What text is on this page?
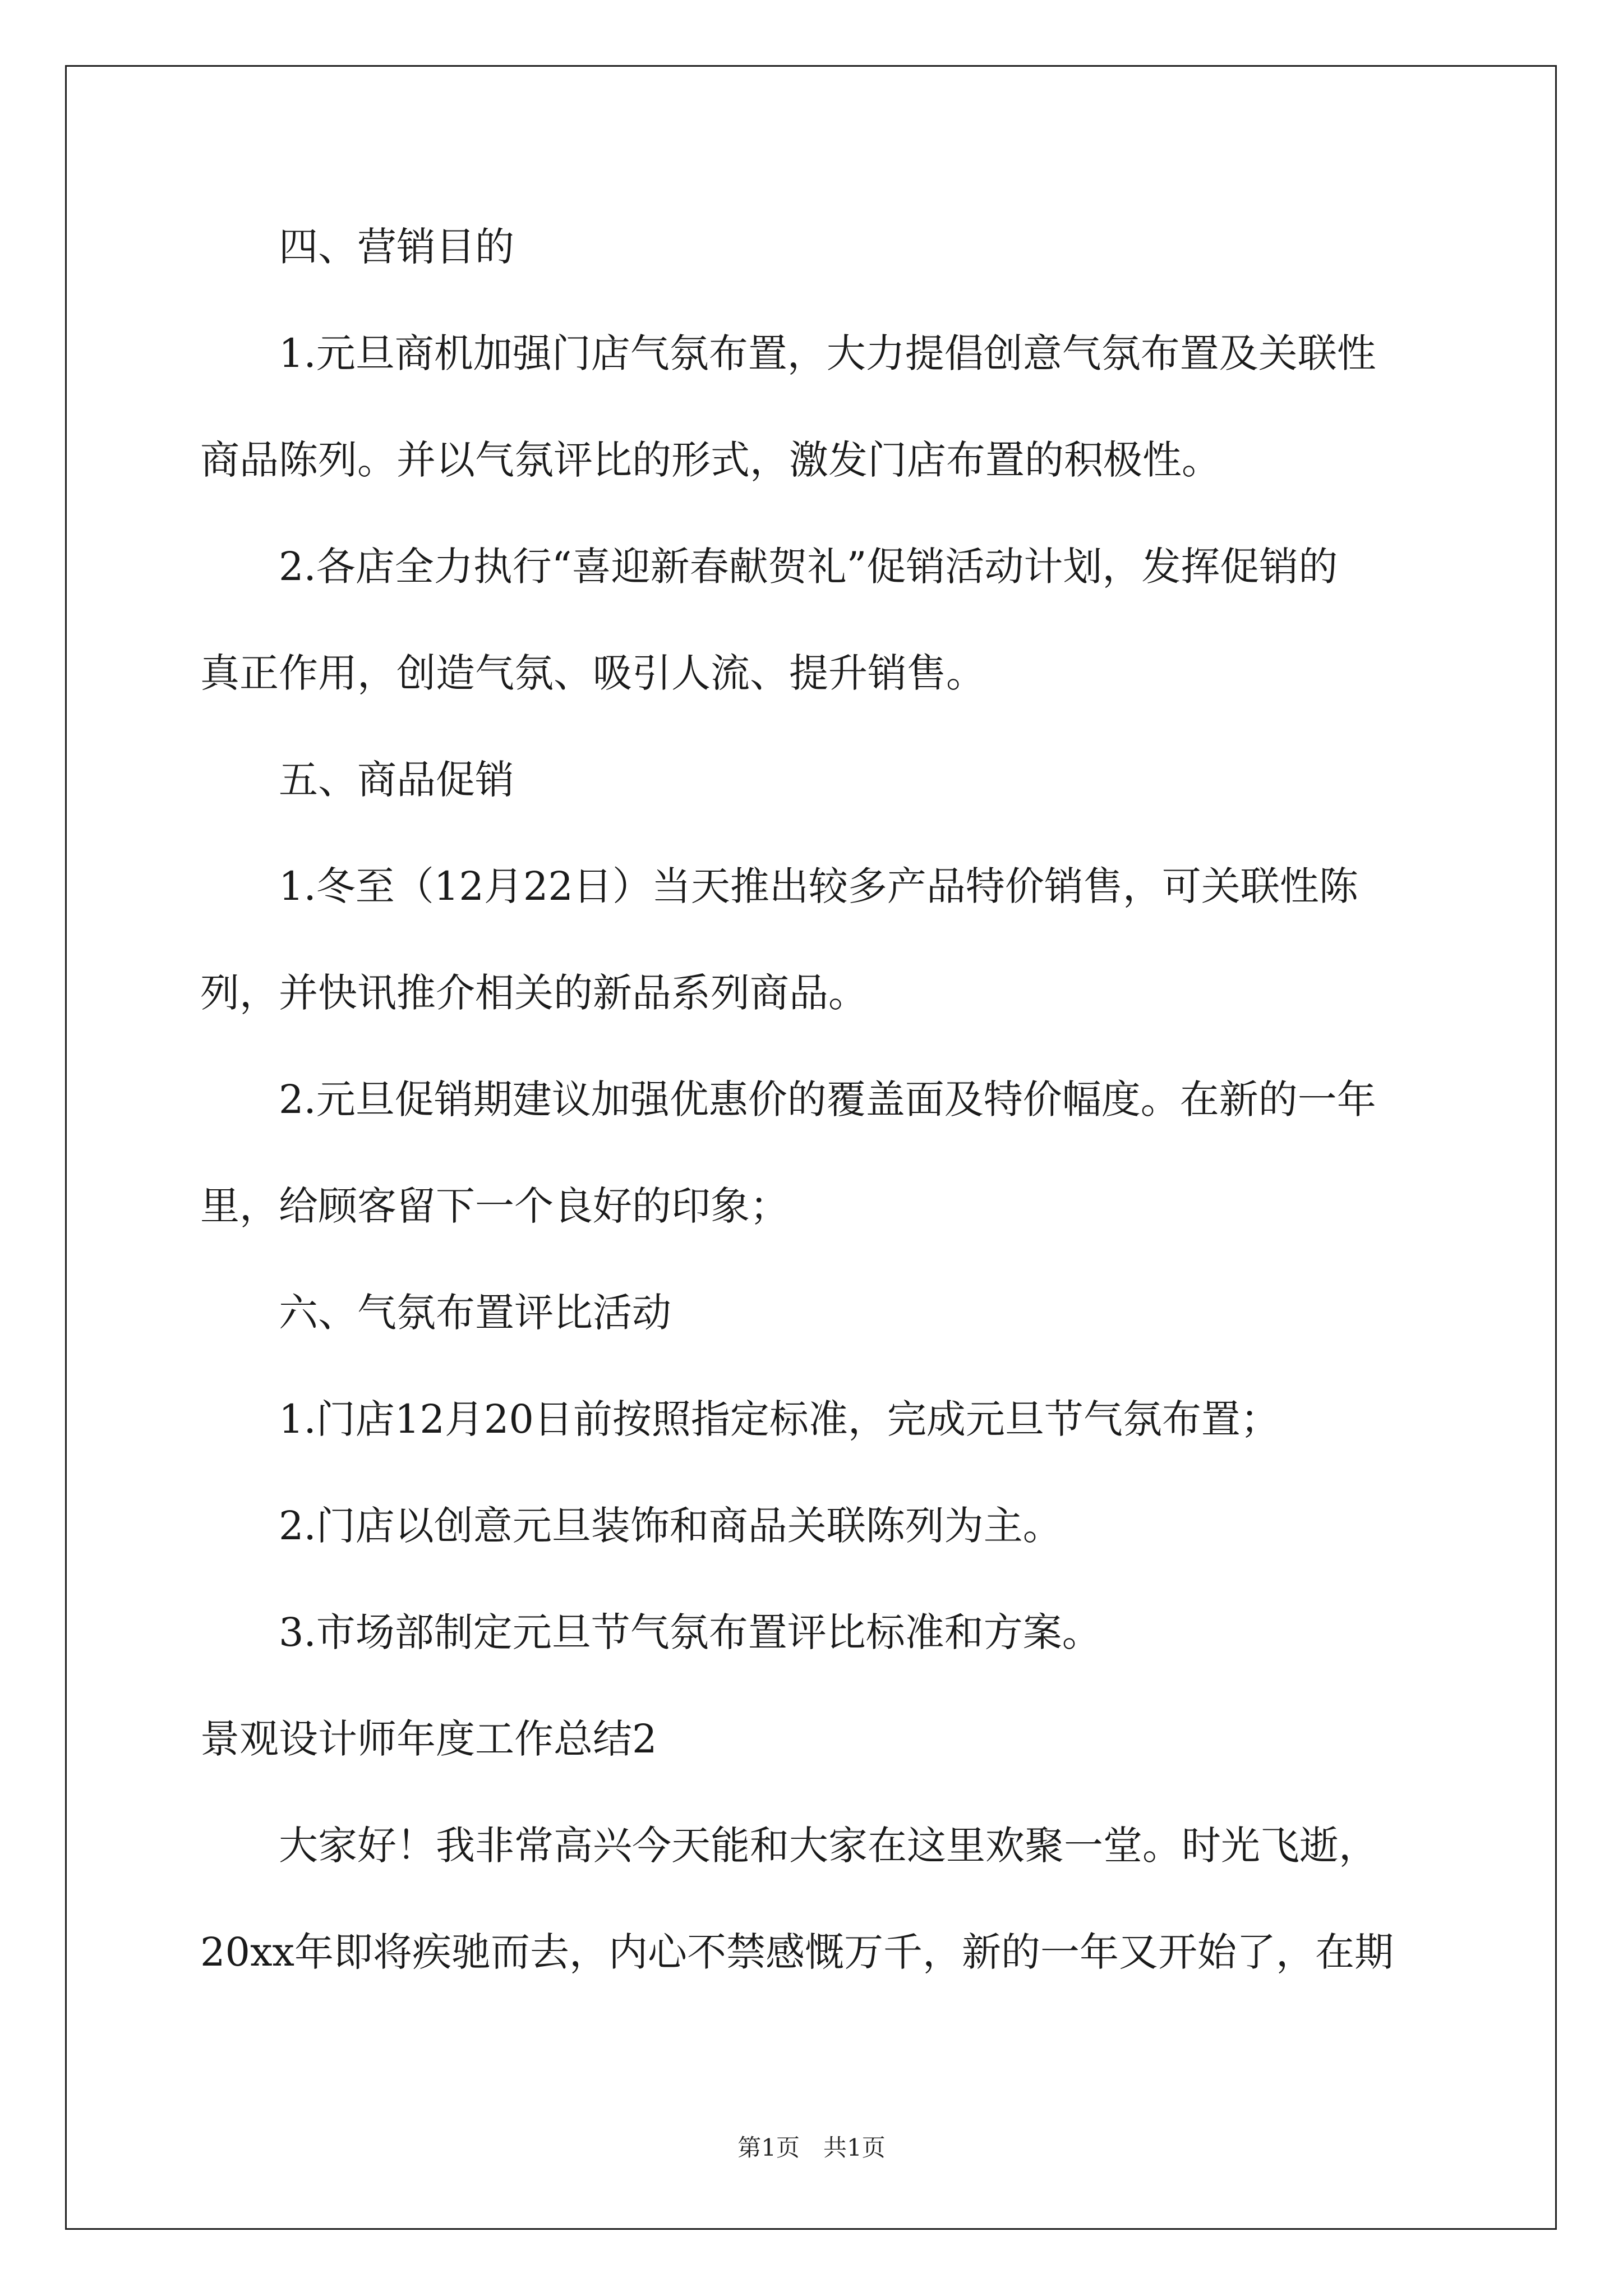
四、营销目的
1.元旦商机加强门店气氛布置，大力提倡创意气氛布置及关联性
商品陈列。并以气氛评比的形式，激发门店布置的积极性。
2.各店全力执行“喜迎新春献贺礼”促销活动计划，发挥促销的
真正作用，创造气氛、吸引人流、提升销售。
五、商品促销
1.冬至（12月22日）当天推出较多产品特价销售，可关联性陈
列，并快讯推介相关的新品系列商品。
2.元旦促销期建议加强优惠价的覆盖面及特价幅度。在新的一年
里，给顾客留下一个良好的印象；
六、气氛布置评比活动
1.门店12月20日前按照指定标准，完成元旦节气氛布置；
2.门店以创意元旦装饰和商品关联陈列为主。
3.市场部制定元旦节气氛布置评比标准和方案。
景观设计师年度工作总结2
大家好！我非常高兴今天能和大家在这里欢聚一堂。时光飞逝，
20xx年即将疾驰而去，内心不禁感慨万千，新的一年又开始了，在期
第1页　共1页
